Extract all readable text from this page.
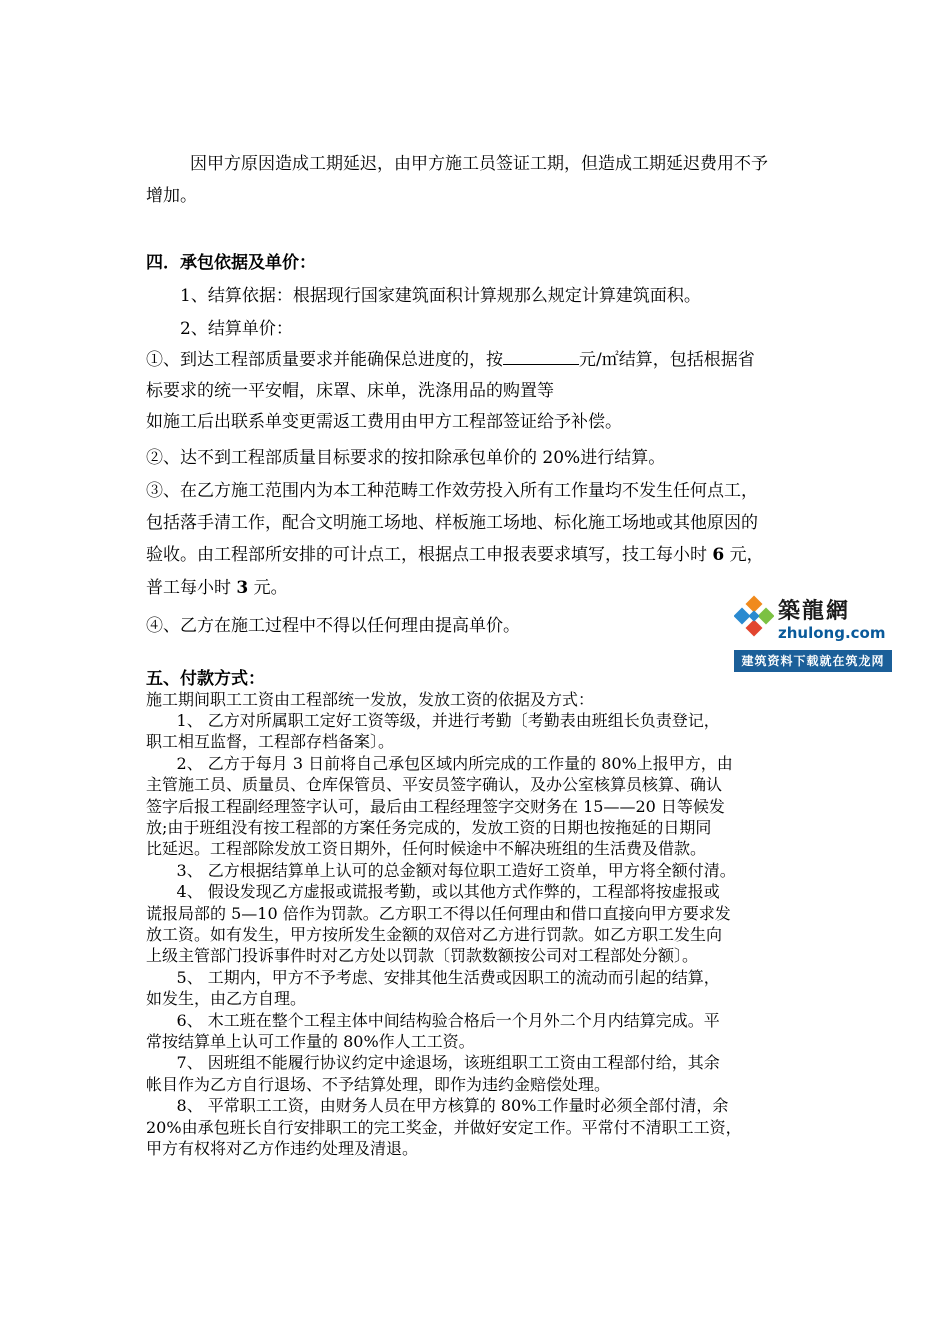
因甲方原因造成工期延迟，由甲方施工员签证工期，但造成工期延迟费用不予
增加。
四．承包依据及单价：
1、结算依据：根据现行国家建筑面积计算规那么规定计算建筑面积。
2、结算单价：
①、到达工程部质量要求并能确保总进度的，按	元/㎡结算，包括根据省
标要求的统一平安帽，床罩、床单，洗涤用品的购置等
如施工后出联系单变更需返工费用由甲方工程部签证给予补偿。
②、达不到工程部质量目标要求的按扣除承包单价的 20%进行结算。
③、在乙方施工范围内为本工种范畴工作效劳投入所有工作量均不发生任何点工，
包括落手清工作，配合文明施工场地、样板施工场地、标化施工场地或其他原因的
验收。由工程部所安排的可计点工，根据点工申报表要求填写，技工每小时 6 元，
普工每小时 3 元。
④、乙方在施工过程中不得以任何理由提高单价。
築龍網
zhulong.com
建筑资料下载就在筑龙网
五、付款方式：
施工期间职工工资由工程部统一发放，发放工资的依据及方式：
1、 乙方对所属职工定好工资等级，并进行考勤〔考勤表由班组长负责登记，
职工相互监督，工程部存档备案〕。
2、 乙方于每月 3 日前将自己承包区域内所完成的工作量的 80%上报甲方，由
主管施工员、质量员、仓库保管员、平安员签字确认，及办公室核算员核算、确认
签字后报工程副经理签字认可，最后由工程经理签字交财务在 15——20 日等候发
放;由于班组没有按工程部的方案任务完成的，发放工资的日期也按拖延的日期同
比延迟。工程部除发放工资日期外，任何时候途中不解决班组的生活费及借款。
3、 乙方根据结算单上认可的总金额对每位职工造好工资单，甲方将全额付清。
4、 假设发现乙方虚报或谎报考勤，或以其他方式作弊的，工程部将按虚报或
谎报局部的 5—10 倍作为罚款。乙方职工不得以任何理由和借口直接向甲方要求发
放工资。如有发生，甲方按所发生金额的双倍对乙方进行罚款。如乙方职工发生向
上级主管部门投诉事件时对乙方处以罚款〔罚款数额按公司对工程部处分额〕。
5、 工期内，甲方不予考虑、安排其他生活费或因职工的流动而引起的结算，
如发生，由乙方自理。
6、 木工班在整个工程主体中间结构验合格后一个月外二个月内结算完成。平
常按结算单上认可工作量的 80%作人工工资。
7、 因班组不能履行协议约定中途退场，该班组职工工资由工程部付给，其余
帐目作为乙方自行退场、不予结算处理，即作为违约金赔偿处理。
8、 平常职工工资，由财务人员在甲方核算的 80%工作量时必须全部付清，余
20%由承包班长自行安排职工的完工奖金，并做好安定工作。平常付不清职工工资，
甲方有权将对乙方作违约处理及清退。
